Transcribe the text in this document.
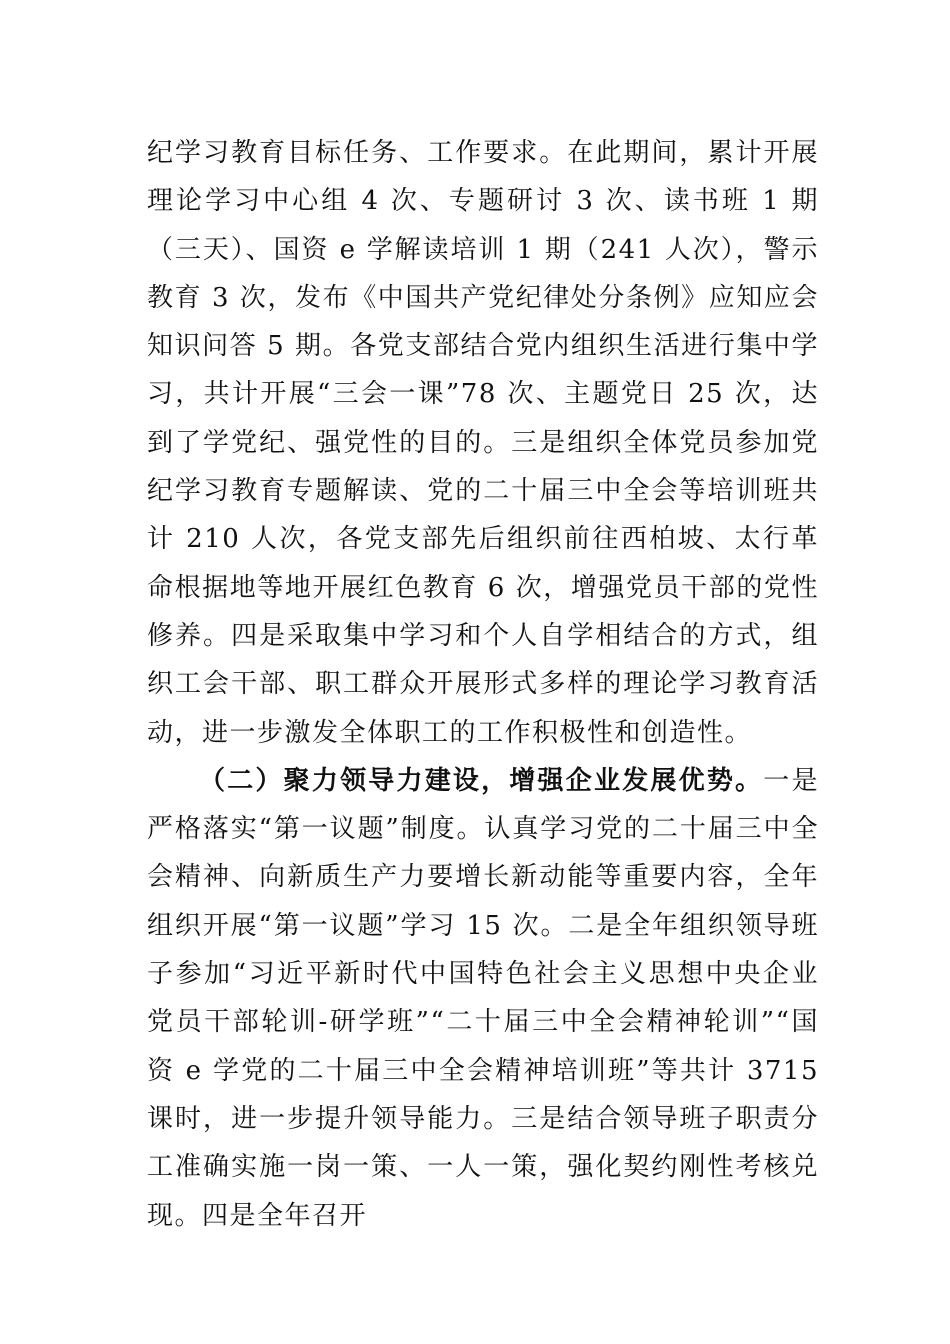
纪学习教育目标任务、工作要求。在此期间，累计开展理论学习中心组 4 次、专题研讨 3 次、读书班 1 期（三天）、国资 e 学解读培训 1 期（241 人次），警示教育 3 次，发布《中国共产党纪律处分条例》应知应会知识问答 5 期。各党支部结合党内组织生活进行集中学习，共计开展“三会一课”78 次、主题党日 25 次，达到了学党纪、强党性的目的。三是组织全体党员参加党纪学习教育专题解读、党的二十届三中全会等培训班共计 210 人次，各党支部先后组织前往西柏坡、太行革命根据地等地开展红色教育 6 次，增强党员干部的党性修养。四是采取集中学习和个人自学相结合的方式，组织工会干部、职工群众开展形式多样的理论学习教育活动，进一步激发全体职工的工作积极性和创造性。

（二）聚力领导力建设，增强企业发展优势。一是严格落实“第一议题”制度。认真学习党的二十届三中全会精神、向新质生产力要增长新动能等重要内容，全年组织开展“第一议题”学习 15 次。二是全年组织领导班子参加“习近平新时代中国特色社会主义思想中央企业党员干部轮训-研学班”“二十届三中全会精神轮训”“国资 e 学党的二十届三中全会精神培训班”等共计 3715 课时，进一步提升领导能力。三是结合领导班子职责分工准确实施一岗一策、一人一策，强化契约刚性考核兑现。四是全年召开
